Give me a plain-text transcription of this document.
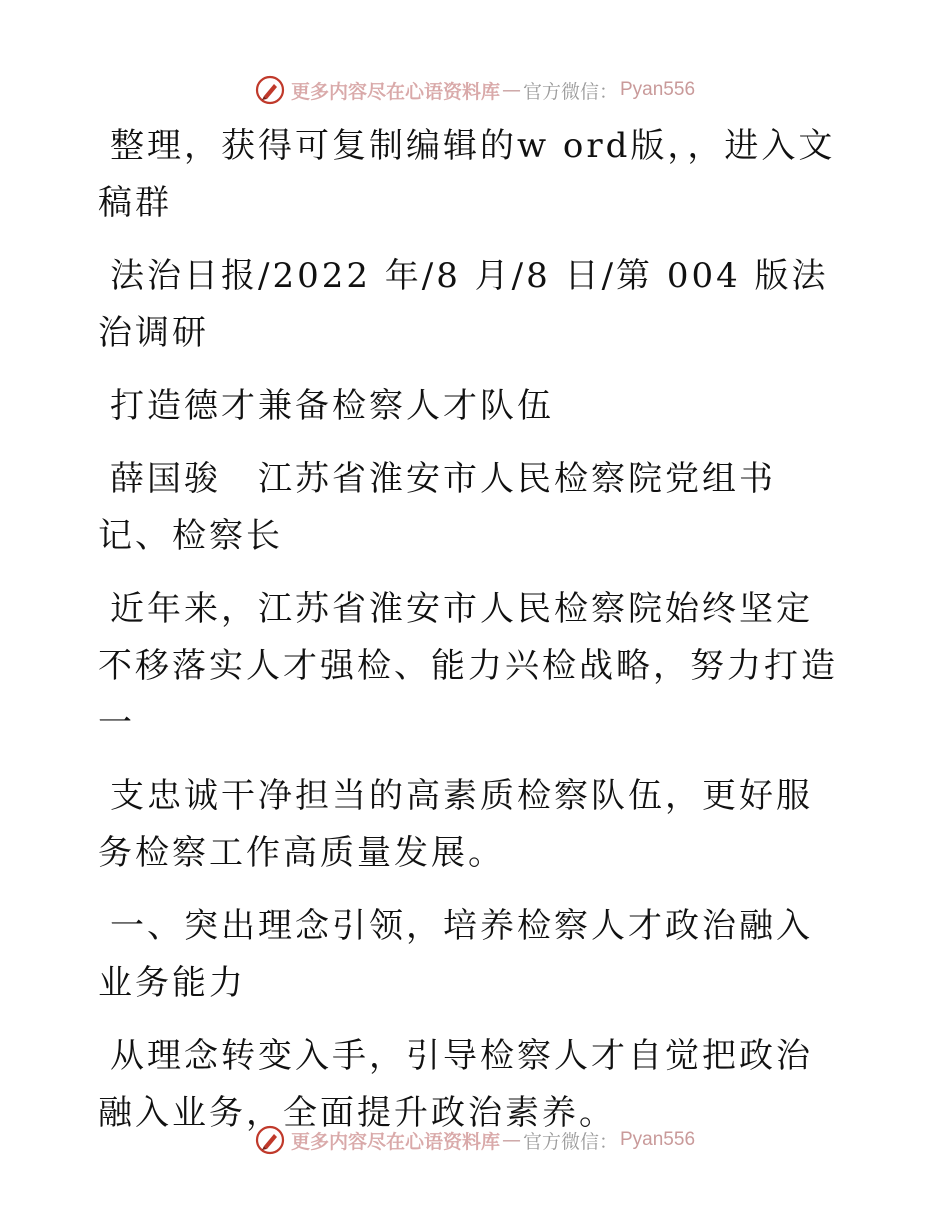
更多内容尽在心语资料库 — 官方微信： Pyan556

整理，获得可复制编辑的w ord版，，进入文稿群

法治日报/2022 年/8 月/8 日/第 004 版法治调研

打造德才兼备检察人才队伍

薛国骏　江苏省淮安市人民检察院党组书记、检察长

近年来，江苏省淮安市人民检察院始终坚定不移落实人才强检、能力兴检战略，努力打造一

支忠诚干净担当的高素质检察队伍，更好服务检察工作高质量发展。

一、突出理念引领，培养检察人才政治融入业务能力

从理念转变入手，引导检察人才自觉把政治融入业务，全面提升政治素养。

更多内容尽在心语资料库 — 官方微信： Pyan556
